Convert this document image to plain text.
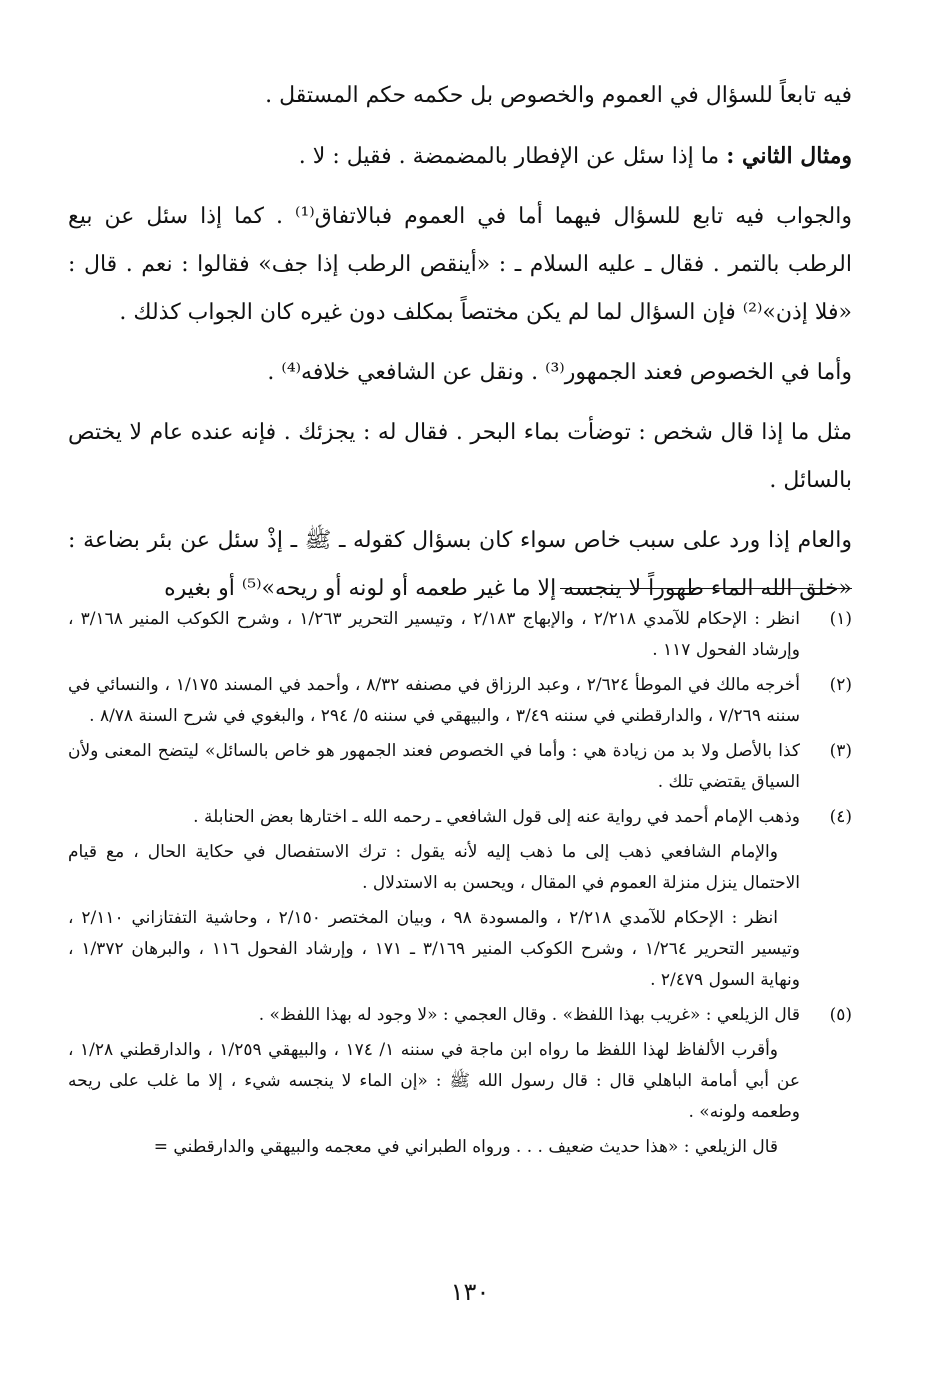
فيه تابعاً للسؤال في العموم والخصوص بل حكمه حكم المستقل .

ومثال الثاني : ما إذا سئل عن الإفطار بالمضمضة . فقيل : لا .

والجواب فيه تابع للسؤال فيهما أما في العموم فبالاتفاق⁽¹⁾ . كما إذا سئل عن بيع الرطب بالتمر . فقال ـ عليه السلام ـ : «أينقص الرطب إذا جف» فقالوا : نعم . قال : «فلا إذن»⁽²⁾ فإن السؤال لما لم يكن مختصاً بمكلف دون غيره كان الجواب كذلك .

وأما في الخصوص فعند الجمهور⁽³⁾ . ونقل عن الشافعي خلافه⁽⁴⁾ .

مثل ما إذا قال شخص : توضأت بماء البحر . فقال له : يجزئك . فإنه عنده عام لا يختص بالسائل .

والعام إذا ورد على سبب خاص سواء كان بسؤال كقوله ـ ﷺ ـ إذْ سئل عن بئر بضاعة : «خلق الله الماء طهوراً لا ينجسه إلا ما غير طعمه أو لونه أو ريحه»⁽⁵⁾ أو بغيره

(١)
انظر : الإحكام للآمدي ٢/٢١٨ ، والإبهاج ٢/١٨٣ ، وتيسير التحرير ١/٢٦٣ ، وشرح الكوكب المنير ٣/١٦٨ ، وإرشاد الفحول ١١٧ .

(٢)
أخرجه مالك في الموطأ ٢/٦٢٤ ، وعبد الرزاق في مصنفه ٨/٣٢ ، وأحمد في المسند ١/١٧٥ ، والنسائي في سننه ٧/٢٦٩ ، والدارقطني في سننه ٣/٤٩ ، والبيهقي في سننه ٥/ ٢٩٤ ، والبغوي في شرح السنة ٨/٧٨ .

(٣)
كذا بالأصل ولا بد من زيادة هي : وأما في الخصوص فعند الجمهور هو خاص بالسائل» ليتضح المعنى ولأن السياق يقتضي تلك .

(٤)
وذهب الإمام أحمد في رواية عنه إلى قول الشافعي ـ رحمه الله ـ اختارها بعض الحنابلة .

والإمام الشافعي ذهب إلى ما ذهب إليه لأنه يقول : ترك الاستفصال في حكاية الحال ، مع قيام الاحتمال ينزل منزلة العموم في المقال ، ويحسن به الاستدلال .

انظر : الإحكام للآمدي ٢/٢١٨ ، والمسودة ٩٨ ، وبيان المختصر ٢/١٥٠ ، وحاشية التفتازاني ٢/١١٠ ، وتيسير التحرير ١/٢٦٤ ، وشرح الكوكب المنير ٣/١٦٩ ـ ١٧١ ، وإرشاد الفحول ١١٦ ، والبرهان ١/٣٧٢ ، ونهاية السول ٢/٤٧٩ .

(٥)
قال الزيلعي : «غريب بهذا اللفظ» . وقال العجمي : «لا وجود له بهذا اللفظ» .

وأقرب الألفاظ لهذا اللفظ ما رواه ابن ماجة في سننه ١/ ١٧٤ ، والبيهقي ١/٢٥٩ ، والدارقطني ١/٢٨ ، عن أبي أمامة الباهلي قال : قال رسول الله ﷺ : «إن الماء لا ينجسه شيء ، إلا ما غلب على ريحه وطعمه ولونه» .

قال الزيلعي : «هذا حديث ضعيف . . . ورواه الطبراني في معجمه والبيهقي والدارقطني =

١٣٠
